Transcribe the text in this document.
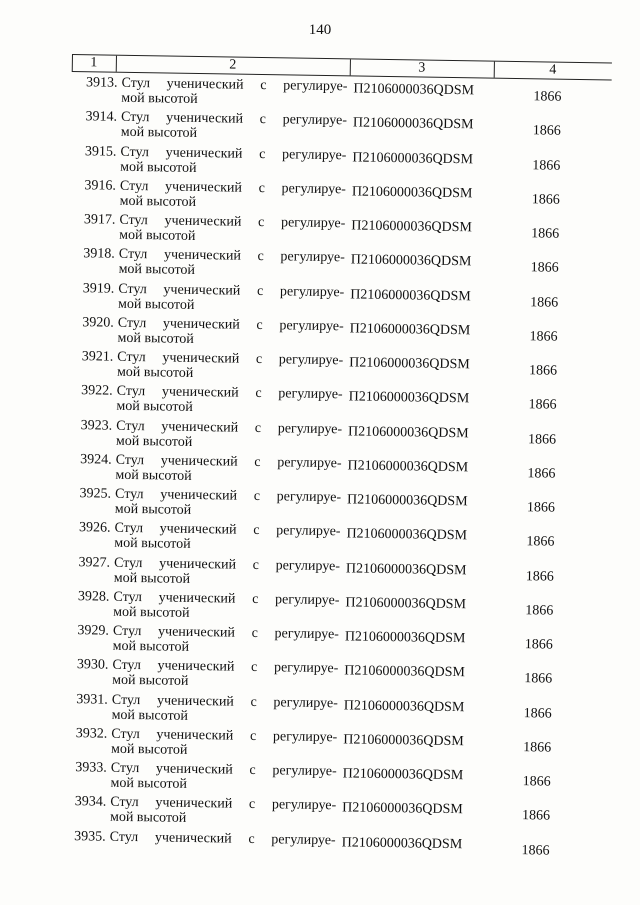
140
1	2	3	4
3913. Стул ученический с регулируе-
мой высотой
П2106000036QDSM	1866
3914. Стул ученический с регулируе-
мой высотой
П2106000036QDSM	1866
3915. Стул ученический с регулируе-
мой высотой
П2106000036QDSM	1866
3916. Стул ученический с регулируе-
мой высотой
П2106000036QDSM	1866
3917. Стул ученический с регулируе-
мой высотой
П2106000036QDSM	1866
3918. Стул ученический с регулируе-
мой высотой
П2106000036QDSM	1866
3919. Стул ученический с регулируе-
мой высотой
П2106000036QDSM	1866
3920. Стул ученический с регулируе-
мой высотой
П2106000036QDSM	1866
3921. Стул ученический с регулируе-
мой высотой
П2106000036QDSM	1866
3922. Стул ученический с регулируе-
мой высотой
П2106000036QDSM	1866
3923. Стул ученический с регулируе-
мой высотой
П2106000036QDSM	1866
3924. Стул ученический с регулируе-
мой высотой
П2106000036QDSM	1866
3925. Стул ученический с регулируе-
мой высотой
П2106000036QDSM	1866
3926. Стул ученический с регулируе-
мой высотой
П2106000036QDSM	1866
3927. Стул ученический с регулируе-
мой высотой
П2106000036QDSM	1866
3928. Стул ученический с регулируе-
мой высотой
П2106000036QDSM	1866
3929. Стул ученический с регулируе-
мой высотой
П2106000036QDSM	1866
3930. Стул ученический с регулируе-
мой высотой
П2106000036QDSM	1866
3931. Стул ученический с регулируе-
мой высотой
П2106000036QDSM	1866
3932. Стул ученический с регулируе-
мой высотой
П2106000036QDSM	1866
3933. Стул ученический с регулируе-
мой высотой
П2106000036QDSM	1866
3934. Стул ученический с регулируе-
мой высотой
П2106000036QDSM	1866
3935. Стул ученический с регулируе- П2106000036QDSM	1866
